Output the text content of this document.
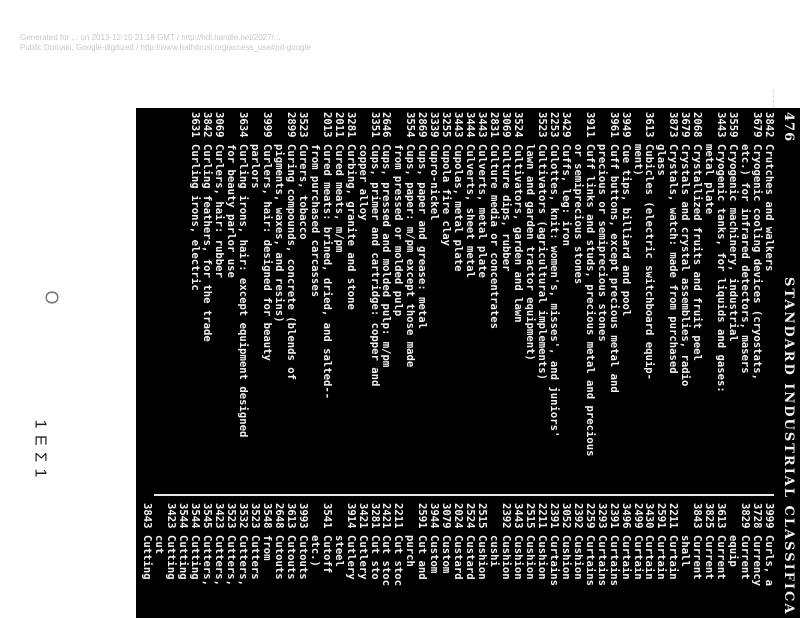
Generated for ... on 2013-12-10 21:18 GMT / http://hdl.handle.net/2027/...
Public Domain, Google-digitized / http://www.hathitrust.org/access_use#pd-google
O
1 E Σ 1
476
STANDARD INDUSTRIAL CLASSIFICA
3842
Crutches and walkers
3679
Cryogenic cooling devices (cryostats,
etc.) for infrared detectors, masers
3559
Cryogenic machinery, industrial
3443
Cryogenic tanks, for liquids and gases:
metal plate
2068
Crystallized fruits and fruit peel
3679
Crystals and crystal assemblies, radio
3873
Crystals, watch: made from purchased
glass
3613
Cubicles (electric switchboard equip-
ment)
3949
Cue tips, billiard and pool
3961
Cuff buttons, except precious metal and
precious or semiprecious stones
3911
Cuff links and studs, precious metal and precious
or semiprecious stones
3429
Cuffs, leg: iron
2253
Culottes, knit: women's, misses', and juniors'
3523
Cultivators (agricultural implements)
lawn and garden tractor equipment)
3524
Cultivators, garden and lawn
3069
Culture dips, rubber
2831
Culture media or concentrates
3443
Culverts, metal plate
3444
Culverts, sheet metal
3443
Cupolas, metal plate
3255
Cupola fire clay
3339
Cupro-nickel
2869
Cups, paper and grease: metal
3554
Cups, paper: m/pm except those made
from pressed or molded pulp
2646
Cups, pressed and molded pulp: m/pm
3351
Cups, primer and cartridge: copper and
copper alloy
3281
Curbing, granite and stone
2011
Cured meats, m/pm
2013
Cured meats: brined, dried, and salted--
from purchased carcasses
3523
Curers, tobacco
2899
Curing compounds, concrete (blends of
pigments, waxes, and resins)
3999
Curlers, hair: designed for beauty
parlors
3634
Curling irons, hair: except equipment designed
for beauty parlor use
3069
Curlers, hair: rubber
3842
Curling feathers, for the trade
3631
Curling irons, electric
3999
Curls, a
3728
Currency
3829
Current
equip
3613
Current
3825
Current
3843
Current
shall
2211
Curtain
2591
Curtain
3430
Curtain
2499
Curtain
3496
Curtain
2391
Curtains
3293
Curtains
2259
Curtains
2392
Cushion
3052
Cushion
2391
Curtains
2211
Cushion
2515
Cushion
3443
Cushion
2392
Cushion
cushi
2515
Cushion
2524
Custard
2024
Custard
3079
Custom
3944
Custom
2591
Cut and
purch
2211
Cut stoc
2421
Cut stoc
3281
Cut sto
3421
Cutlery
3914
Cutlery
steel
3541
Cutoff
etc.)
3993
Cutouts
3613
Cutouts
2648
Cutouts
3548
from
3523
Cutters
3532
Cutters,
3523
Cutters,
3423
Cutters,
3545
Cutters,
3544
Cutting
3544
Cutting
3423
Cutting
cut
3843
Cutting
